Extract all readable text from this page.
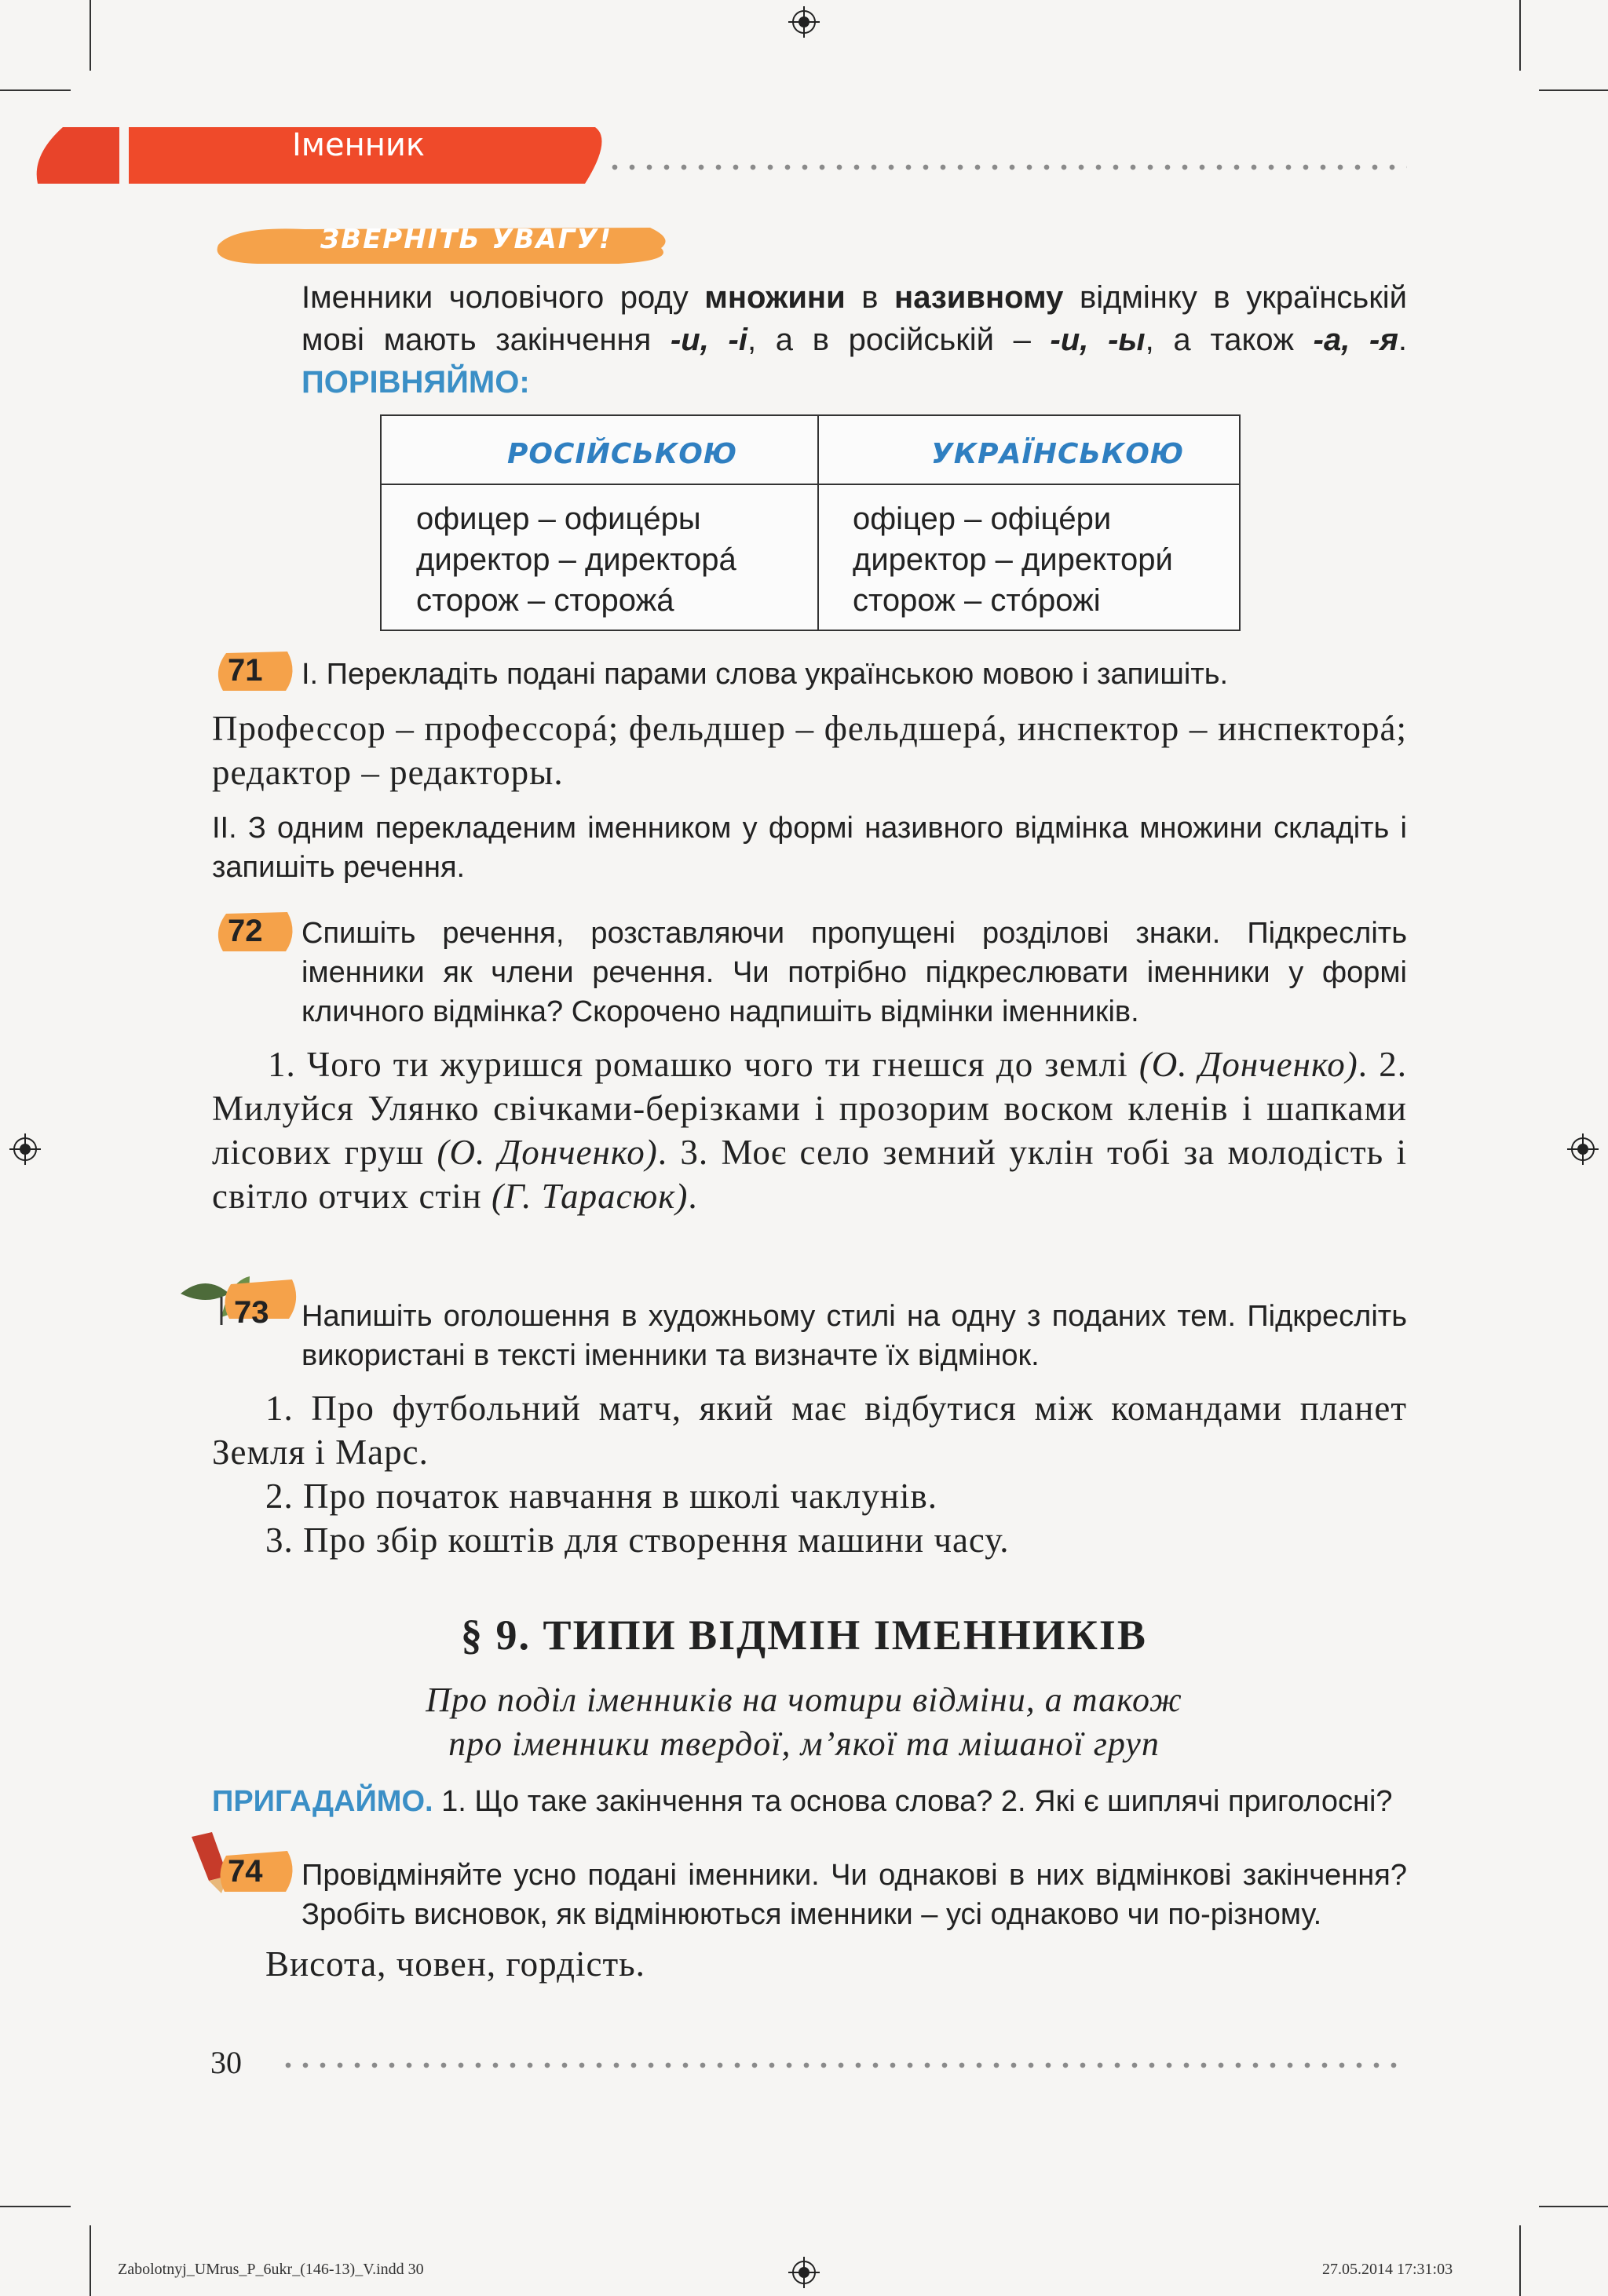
Іменник
ЗВЕРНІТЬ УВАГУ!
Іменники чоловічого роду множини в називному відмінку в українській мові мають закінчення -и, -і, а в російській – -и, -ы, а також -а, -я. ПОРІВНЯЙМО:
РОСІЙСЬКОЮ	УКРАЇНСЬКОЮ
офицер – офицéры
директор – директорá
сторож – сторожá
офіцер – офіцéри
директор – директори́
сторож – стóрожі
71 І. Перекладіть подані парами слова українською мовою і запишіть.
Профессор – профессорá; фельдшер – фельдшерá, инспектор – инспекторá; редактор – редакторы.
ІІ. З одним перекладеним іменником у формі називного відмінка множини складіть і запишіть речення.
72 Спишіть речення, розставляючи пропущені розділові знаки. Підкресліть іменники як члени речення. Чи потрібно підкреслювати іменники у формі кличного відмінка? Скорочено надпишіть відмінки іменників.
1. Чого ти журишся ромашко чого ти гнешся до землі (О. Донченко). 2. Милуйся Улянко свічками-берізками і прозорим воском кленів і шапками лісових груш (О. Донченко). 3. Моє село земний уклін тобі за молодість і світло отчих стін (Г. Тарасюк).
73 Напишіть оголошення в художньому стилі на одну з поданих тем. Підкресліть використані в тексті іменники та визначте їх відмінок.
1. Про футбольний матч, який має відбутися між командами планет Земля і Марс.
2. Про початок навчання в школі чаклунів.
3. Про збір коштів для створення машини часу.
§ 9. ТИПИ ВІДМІН ІМЕННИКІВ
Про поділ іменників на чотири відміни, а також
про іменники твердої, м’якої та мішаної груп
ПРИГАДАЙМО. 1. Що таке закінчення та основа слова? 2. Які є шиплячі приголосні?
74 Провідміняйте усно подані іменники. Чи однакові в них відмінкові закінчення? Зробіть висновок, як відмінюються іменники – усі однаково чи по-різному.
Висота, човен, гордість.
30
Zabolotnyj_UMrus_P_6ukr_(146-13)_V.indd 30	27.05.2014 17:31:03
